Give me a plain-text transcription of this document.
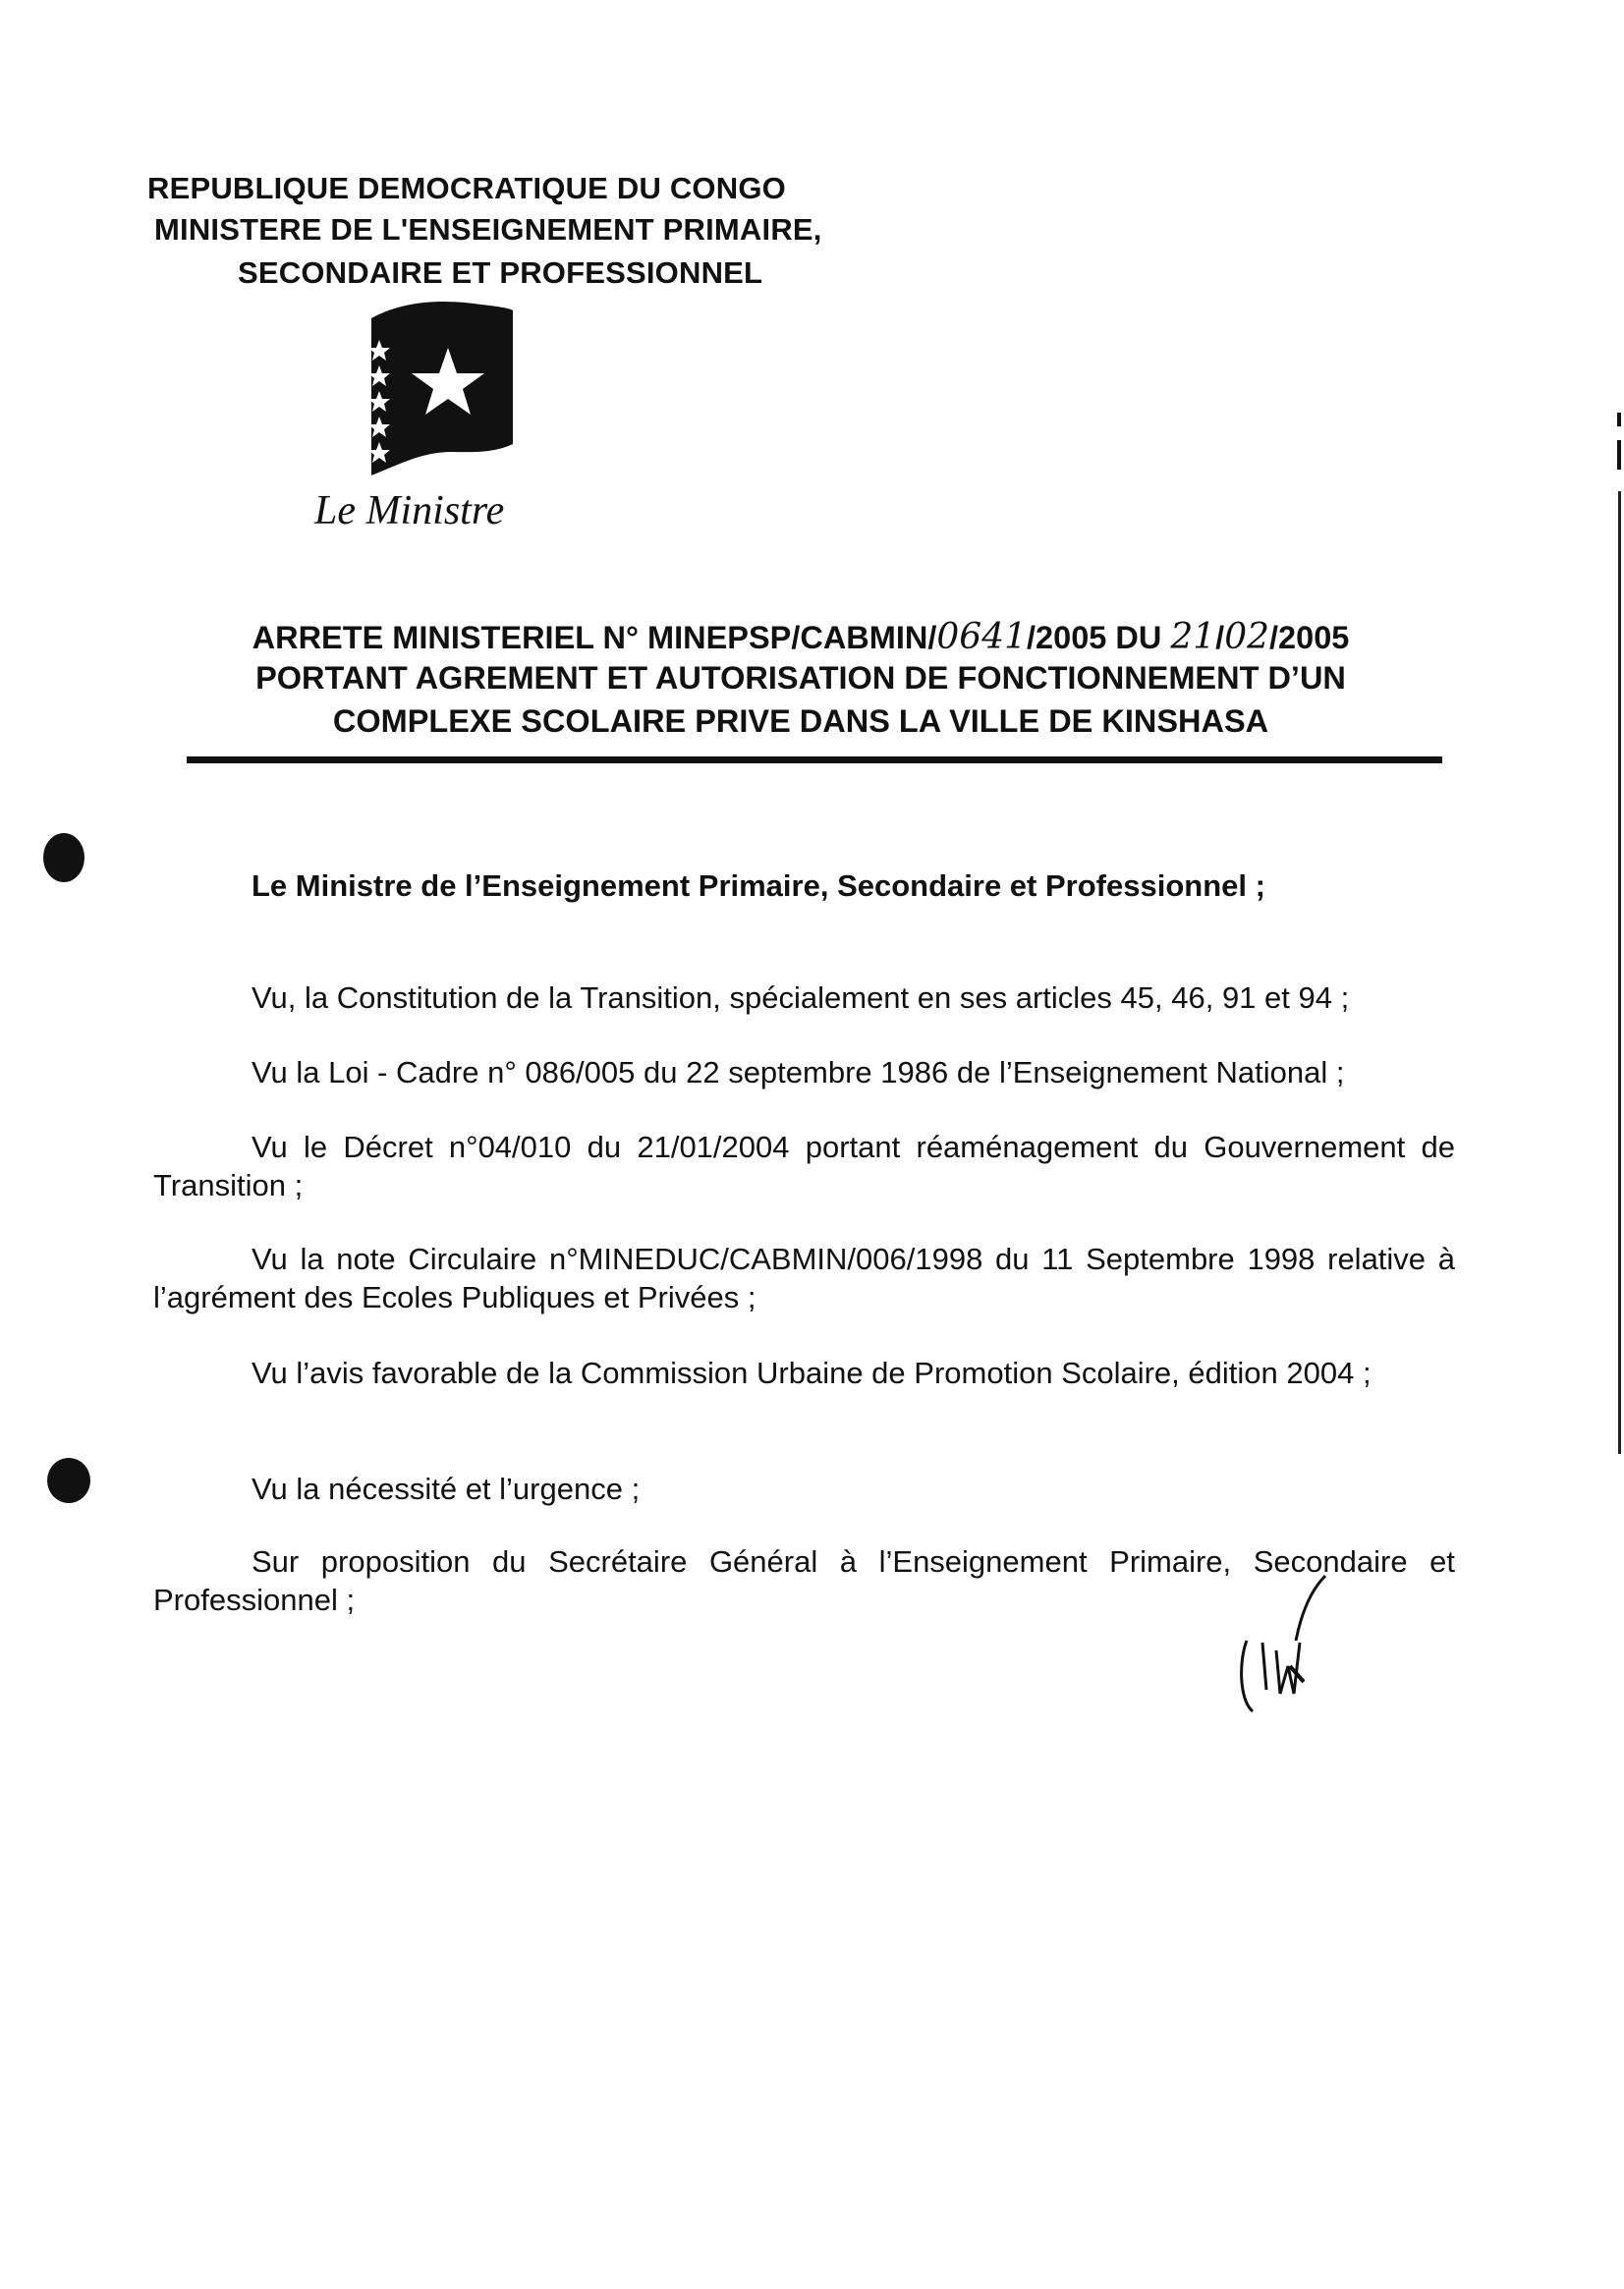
REPUBLIQUE DEMOCRATIQUE DU CONGO
MINISTERE DE L'ENSEIGNEMENT PRIMAIRE,
SECONDAIRE ET PROFESSIONNEL
Le Ministre
ARRETE MINISTERIEL N° MINEPSP/CABMIN/0641/2005 DU 21/02/2005
PORTANT AGREMENT ET AUTORISATION DE FONCTIONNEMENT D’UN
COMPLEXE SCOLAIRE PRIVE DANS LA VILLE DE KINSHASA
Le Ministre de l’Enseignement Primaire, Secondaire et Professionnel ;
Vu, la Constitution de la Transition, spécialement en ses articles 45, 46, 91 et 94 ;
Vu la Loi - Cadre n° 086/005 du 22 septembre 1986 de l’Enseignement National ;
Vu le Décret n°04/010 du 21/01/2004 portant réaménagement du Gouvernement de Transition ;
Vu la note Circulaire n°MINEDUC/CABMIN/006/1998 du 11 Septembre 1998 relative à l’agrément des Ecoles Publiques et Privées ;
Vu l’avis favorable de la Commission Urbaine de Promotion Scolaire, édition 2004 ;
Vu la nécessité et l’urgence ;
Sur proposition du Secrétaire Général à l’Enseignement Primaire, Secondaire et Professionnel ;
